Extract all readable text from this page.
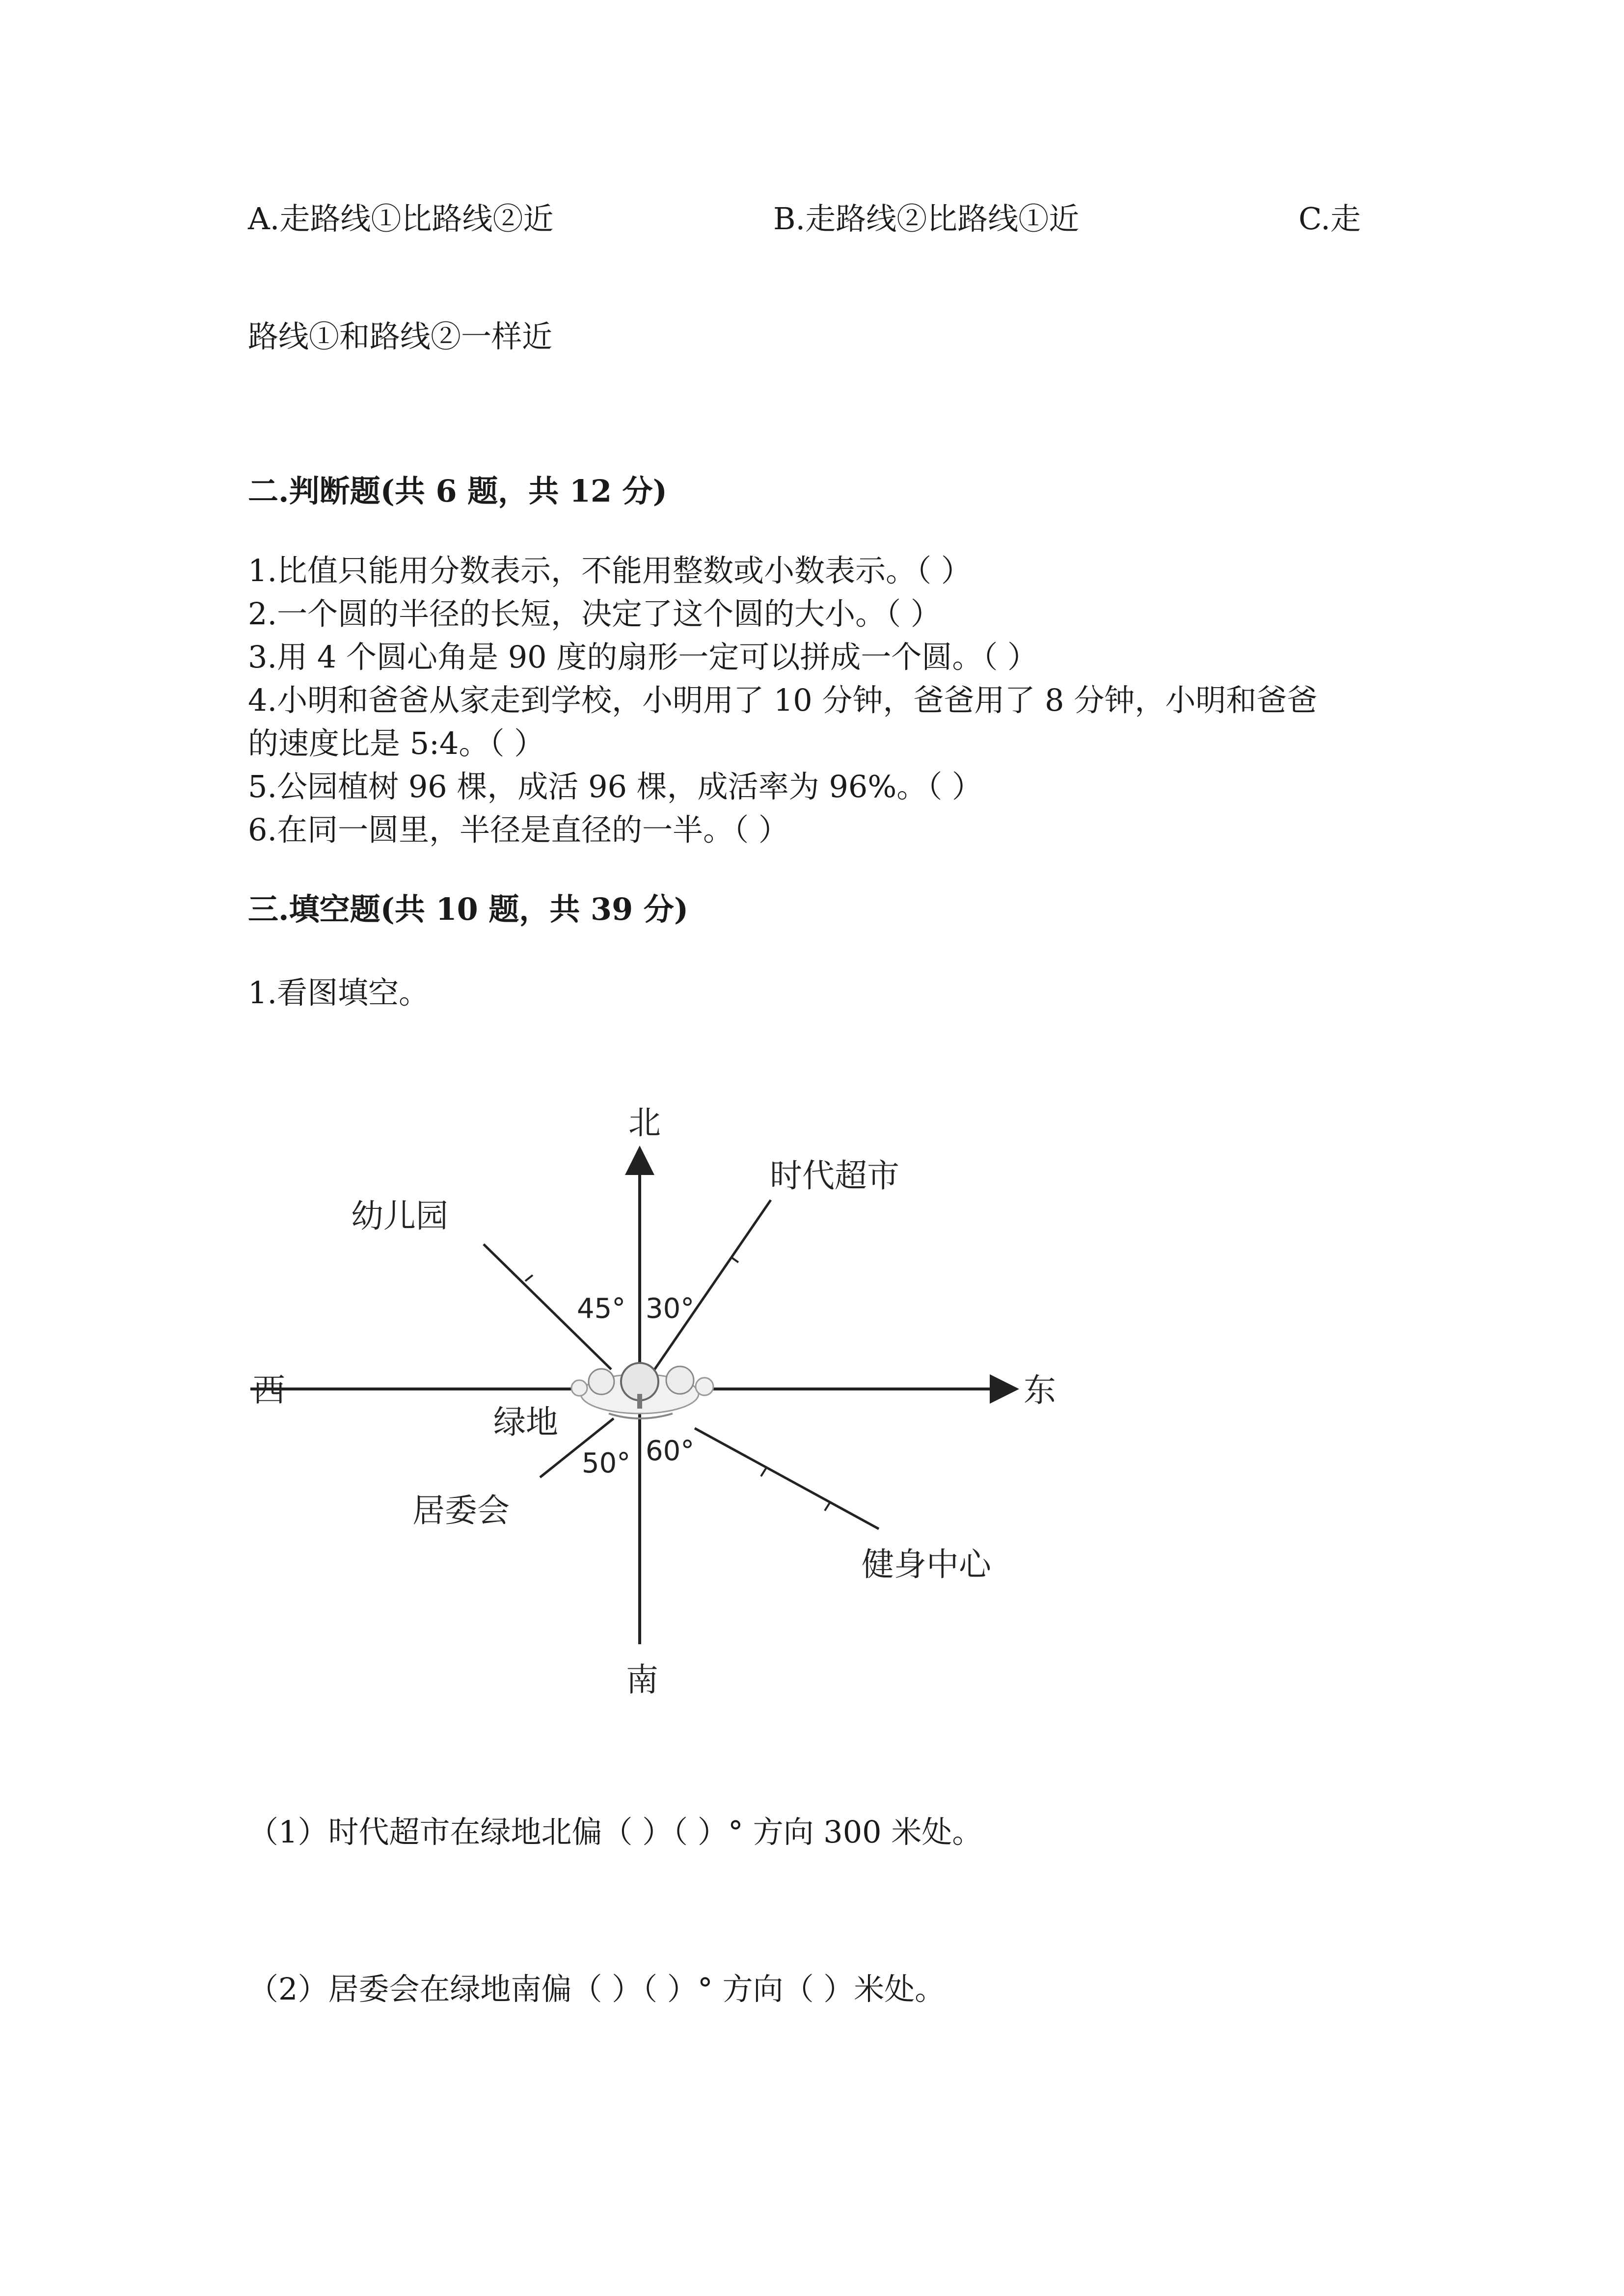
A.走路线①比路线②近	B.走路线②比路线①近	C.走
路线①和路线②一样近
二.判断题(共 6 题，共 12 分)
1.比值只能用分数表示，不能用整数或小数表示。（ ）
2.一个圆的半径的长短，决定了这个圆的大小。（ ）
3.用 4 个圆心角是 90 度的扇形一定可以拼成一个圆。（ ）
4.小明和爸爸从家走到学校，小明用了 10 分钟，爸爸用了 8 分钟，小明和爸爸
的速度比是 5:4。（ ）
5.公园植树 96 棵，成活 96 棵，成活率为 96%。（ ）
6.在同一圆里，半径是直径的一半。（ ）
三.填空题(共 10 题，共 39 分)
1.看图填空。
北
南
东
西
绿地
幼儿园
时代超市
居委会
健身中心
45° 30°
50° 60°
（1）时代超市在绿地北偏（ ）（ ）° 方向 300 米处。
（2）居委会在绿地南偏（ ）（ ）° 方向（ ）米处。
